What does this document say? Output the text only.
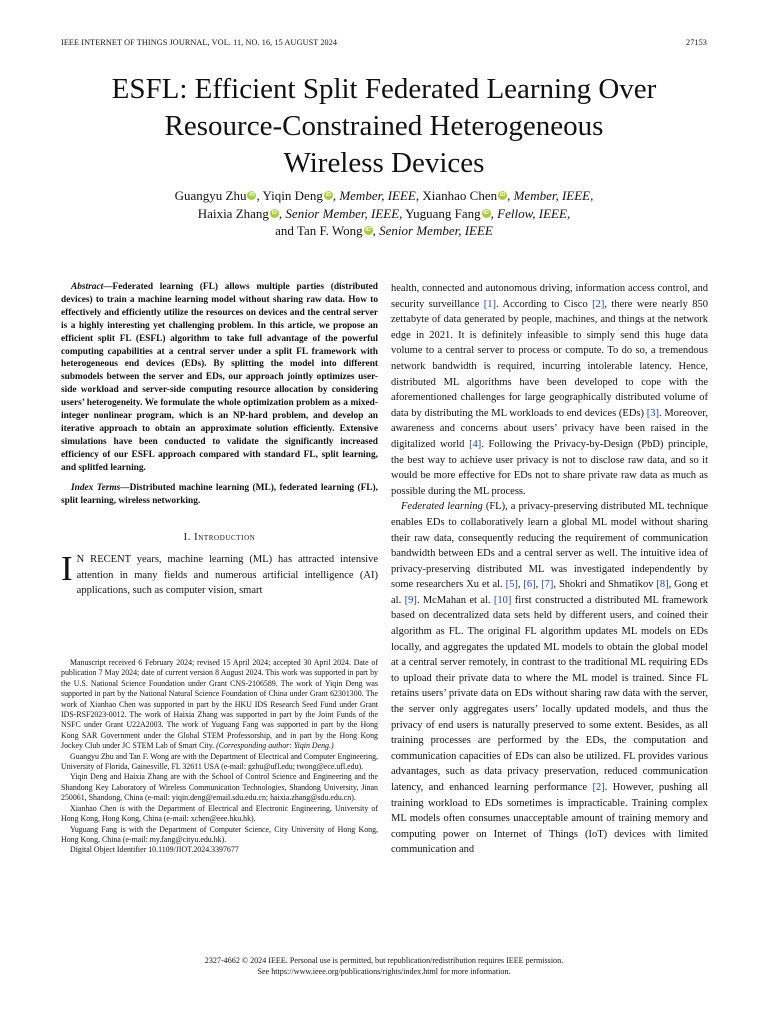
IEEE INTERNET OF THINGS JOURNAL, VOL. 11, NO. 16, 15 AUGUST 2024	27153
ESFL: Efficient Split Federated Learning Over
Resource-Constrained Heterogeneous
Wireless Devices
Guangyu Zhu iD , Yiqin Deng iD , Member, IEEE, Xianhao Chen iD , Member, IEEE,
Haixia Zhang iD , Senior Member, IEEE, Yuguang Fang iD , Fellow, IEEE,
and Tan F. Wong iD , Senior Member, IEEE

Abstract—Federated learning (FL) allows multiple parties (distributed devices) to train a machine learning model without sharing raw data. How to effectively and efficiently utilize the resources on devices and the central server is a highly interesting yet challenging problem. In this article, we propose an efficient split FL (ESFL) algorithm to take full advantage of the powerful computing capabilities at a central server under a split FL framework with heterogeneous end devices (EDs). By splitting the model into different submodels between the server and EDs, our approach jointly optimizes user-side workload and server-side computing resource allocation by considering users’ heterogeneity. We formulate the whole optimization problem as a mixed-integer nonlinear program, which is an NP-hard problem, and develop an iterative approach to obtain an approximate solution efficiently. Extensive simulations have been conducted to validate the significantly increased efficiency of our ESFL approach compared with standard FL, split learning, and splitfed learning.

Index Terms—Distributed machine learning (ML), federated learning (FL), split learning, wireless networking.

I. Introduction

I N RECENT years, machine learning (ML) has attracted intensive attention in many fields and numerous artificial intelligence (AI) applications, such as computer vision, smart

Manuscript received 6 February 2024; revised 15 April 2024; accepted 30 April 2024. Date of publication 7 May 2024; date of current version 8 August 2024. This work was supported in part by the U.S. National Science Foundation under Grant CNS-2106589. The work of Yiqin Deng was supported in part by the National Natural Science Foundation of China under Grant 62301300. The work of Xianhao Chen was supported in part by the HKU IDS Research Seed Fund under Grant IDS-RSF2023-0012. The work of Haixia Zhang was supported in part by the Joint Funds of the NSFC under Grant U22A2003. The work of Yuguang Fang was supported in part by the Hong Kong SAR Government under the Global STEM Professorship, and in part by the Hong Kong Jockey Club under JC STEM Lab of Smart City. (Corresponding author: Yiqin Deng.)

Guangyu Zhu and Tan F. Wong are with the Department of Electrical and Computer Engineering, University of Florida, Gainesville, FL 32611 USA (e-mail: gzhu@ufl.edu; twong@ece.ufl.edu).

Yiqin Deng and Haixia Zhang are with the School of Control Science and Engineering and the Shandong Key Laboratory of Wireless Communication Technologies, Shandong University, Jinan 250061, Shandong, China (e-mail: yiqin.deng@email.sdu.edu.cn; haixia.zhang@sdu.edu.cn).

Xianhao Chen is with the Department of Electrical and Electronic Engineering, University of Hong Kong, Hong Kong, China (e-mail: xchen@eee.hku.hk).

Yuguang Fang is with the Department of Computer Science, City University of Hong Kong, Hong Kong, China (e-mail: my.fang@cityu.edu.hk).

Digital Object Identifier 10.1109/JIOT.2024.3397677

health, connected and autonomous driving, information access control, and security surveillance [1]. According to Cisco [2], there were nearly 850 zettabyte of data generated by people, machines, and things at the network edge in 2021. It is definitely infeasible to simply send this huge data volume to a central server to process or compute. To do so, a tremendous network bandwidth is required, incurring intolerable latency. Hence, distributed ML algorithms have been developed to cope with the aforementioned challenges for large geographically distributed volume of data by distributing the ML workloads to end devices (EDs) [3]. Moreover, awareness and concerns about users’ privacy have been raised in the digitalized world [4]. Following the Privacy-by-Design (PbD) principle, the best way to achieve user privacy is not to disclose raw data, and so it would be more effective for EDs not to share private raw data as much as possible during the ML process.

Federated learning (FL), a privacy-preserving distributed ML technique enables EDs to collaboratively learn a global ML model without sharing their raw data, consequently reducing the requirement of communication bandwidth between EDs and a central server as well. The intuitive idea of privacy-preserving distributed ML was investigated independently by some researchers Xu et al. [5], [6], [7], Shokri and Shmatikov [8], Gong et al. [9]. McMahan et al. [10] first constructed a distributed ML framework based on decentralized data sets held by different users, and coined their algorithm as FL. The original FL algorithm updates ML models on EDs locally, and aggregates the updated ML models to obtain the global model at a central server remotely, in contrast to the traditional ML requiring EDs to upload their private data to where the ML model is trained. Since FL retains users’ private data on EDs without sharing raw data with the server, the server only aggregates users’ locally updated models, and thus the privacy of end users is naturally preserved to some extent. Besides, as all training processes are performed by the EDs, the computation and communication capacities of EDs can also be utilized. FL provides various advantages, such as data privacy preservation, reduced communication latency, and enhanced learning performance [2]. However, pushing all training workload to EDs sometimes is impracticable. Training complex ML models often consumes unacceptable amount of training memory and computing power on Internet of Things (IoT) devices with limited communication and

2327-4662 © 2024 IEEE. Personal use is permitted, but republication/redistribution requires IEEE permission.
See https://www.ieee.org/publications/rights/index.html for more information.
